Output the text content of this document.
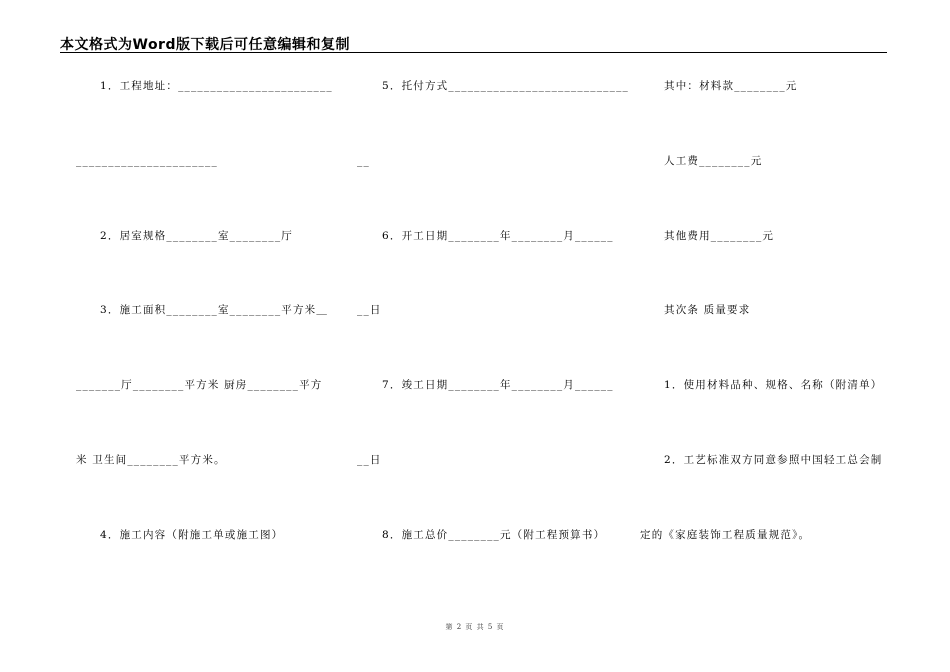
本文格式为Word版下载后可任意编辑和复制
1．工程地址：________________________
______________________
2．居室规格________室________厅
3．施工面积________室________平方米＿
_______厅________平方米 厨房________平方
米 卫生间________平方米。
4．施工内容（附施工单或施工图）
5．托付方式____________________________
__
6．开工日期________年________月______
__日
7．竣工日期________年________月______
__日
8．施工总价________元（附工程预算书）
其中：材料款________元
人工费________元
其他费用________元
其次条 质量要求
1．使用材料品种、规格、名称（附清单）
2．工艺标准双方同意参照中国轻工总会制
定的《家庭装饰工程质量规范》。
第 2 页 共 5 页
